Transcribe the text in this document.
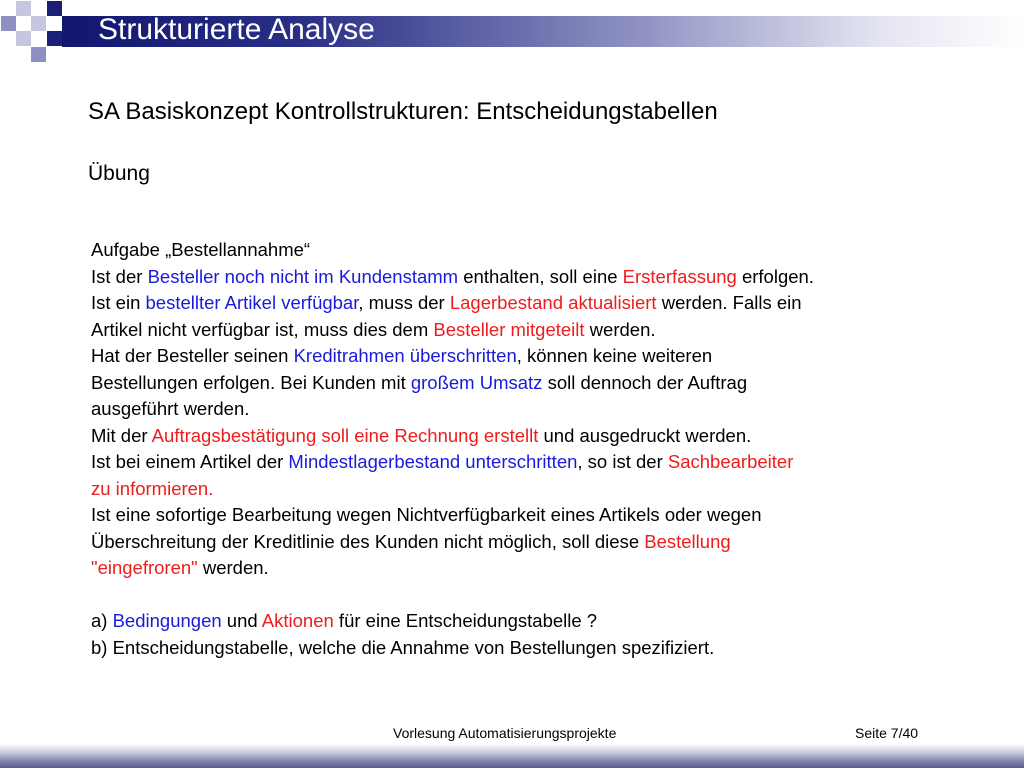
Strukturierte Analyse
SA Basiskonzept Kontrollstrukturen: Entscheidungstabellen
Übung
Aufgabe „Bestellannahme“
Ist der Besteller noch nicht im Kundenstamm enthalten, soll eine Ersterfassung erfolgen.
Ist ein bestellter Artikel verfügbar, muss der Lagerbestand aktualisiert werden. Falls ein
Artikel nicht verfügbar ist, muss dies dem Besteller mitgeteilt werden.
Hat der Besteller seinen Kreditrahmen überschritten, können keine weiteren
Bestellungen erfolgen. Bei Kunden mit großem Umsatz soll dennoch der Auftrag
ausgeführt werden.
Mit der Auftragsbestätigung soll eine Rechnung erstellt und ausgedruckt werden.
Ist bei einem Artikel der Mindestlagerbestand unterschritten, so ist der Sachbearbeiter
zu informieren.
Ist eine sofortige Bearbeitung wegen Nichtverfügbarkeit eines Artikels oder wegen
Überschreitung der Kreditlinie des Kunden nicht möglich, soll diese Bestellung
"eingefroren" werden.
a) Bedingungen und Aktionen für eine Entscheidungstabelle ?
b) Entscheidungstabelle, welche die Annahme von Bestellungen spezifiziert.
Vorlesung Automatisierungsprojekte	Seite 7/40
